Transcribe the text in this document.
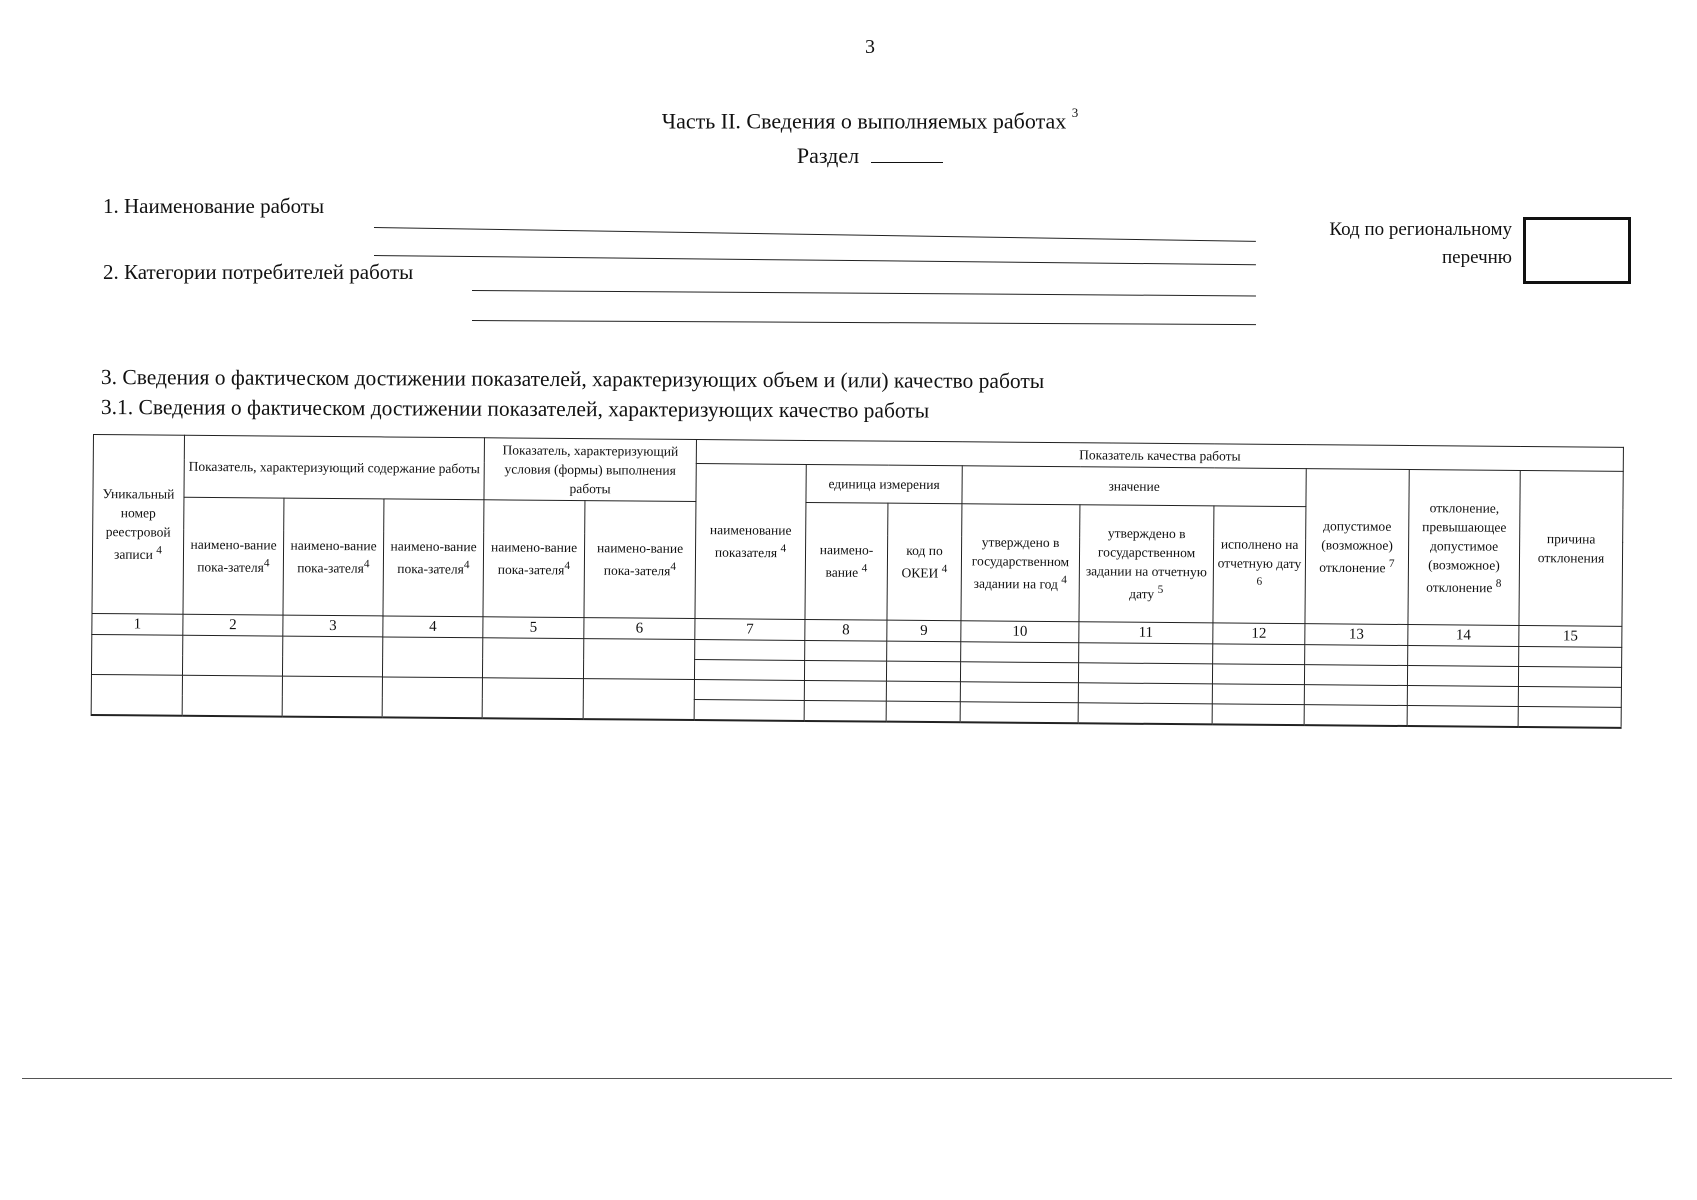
3
Часть II. Сведения о выполняемых работах $^3$
Раздел
1. Наименование работы
2. Категории потребителей работы
Код по региональному
перечню
3. Сведения о фактическом достижении показателей, характеризующих объем и (или) качество работы
3.1. Сведения о фактическом достижении показателей, характеризующих качество работы
Уникальный номер реестровой записи $^4$	Показатель, характеризующий содержание работы			Показатель, характеризующий условия (формы) выполнения работы		Показатель качества работы									
						наименование показателя $^4$	единица измерения		значение			допустимое (возможное) отклонение $^7$	отклонение, превышающее допустимое (возможное) отклонение $^8$	причина отклонения	
	наимено-вание пока-зателя$^4$	наимено-вание пока-зателя$^4$	наимено-вание пока-зателя$^4$	наимено-вание пока-зателя$^4$	наимено-вание пока-зателя$^4$		наимено-вание $^4$	код по ОКЕИ $^4$	утверждено в государственном задании на год $^4$	утверждено в государственном задании на отчетную дату $^5$	исполнено на отчетную дату $^6$

1	2	3	4	5	6	7	8	9	10	11	12	13	14	15	
